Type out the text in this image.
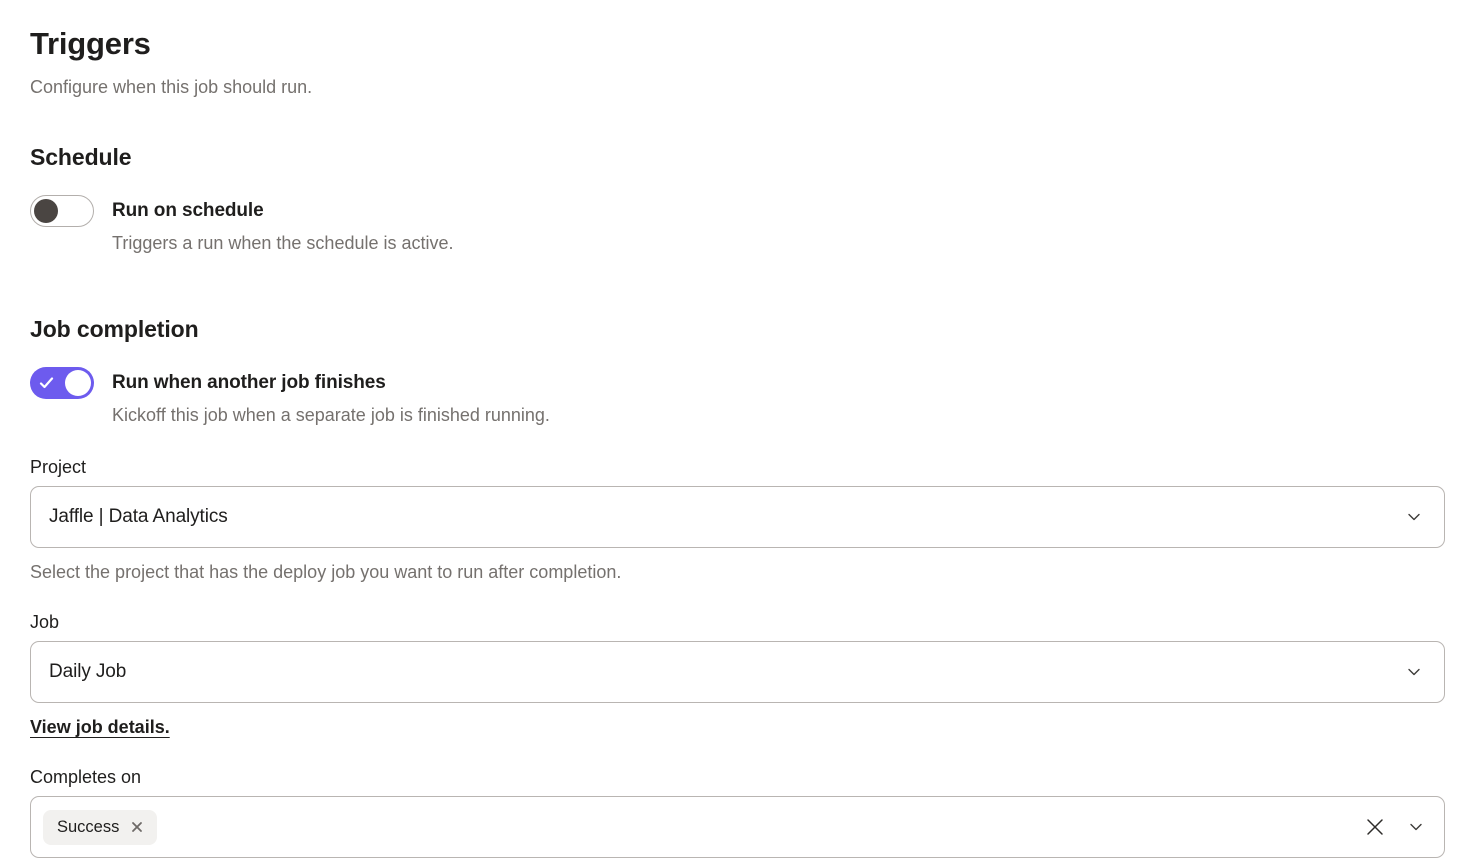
Triggers

Configure when this job should run.

Schedule
Run on schedule
Triggers a run when the schedule is active.
Job completion
Run when another job finishes
Kickoff this job when a separate job is finished running.
Project
Jaffle | Data Analytics
Select the project that has the deploy job you want to run after completion.
Job
Daily Job
View job details.
Completes on
Success
